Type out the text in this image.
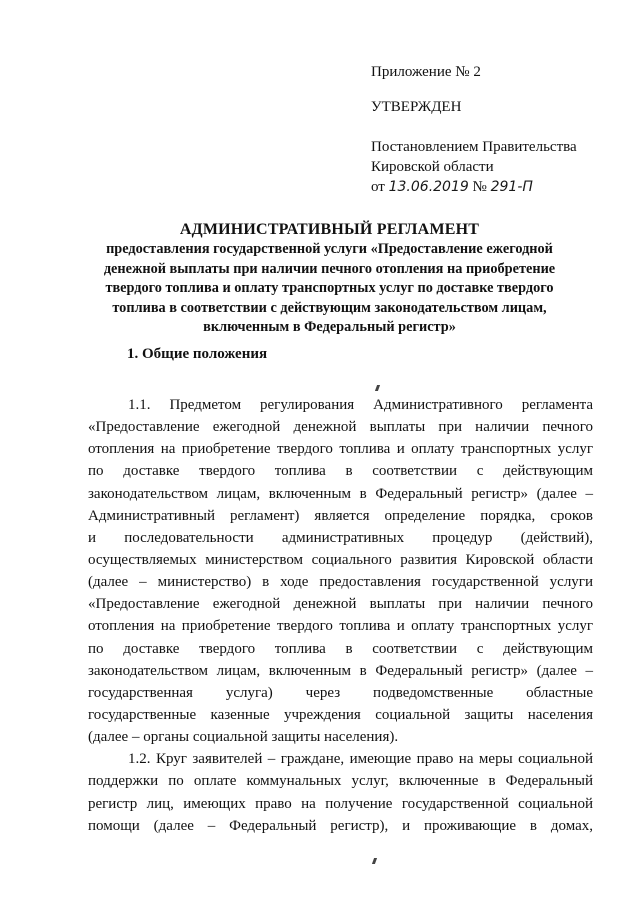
Приложение № 2
УТВЕРЖДЕН
Постановлением Правительства
Кировской области
от 13.06.2019 № 291-П
АДМИНИСТРАТИВНЫЙ РЕГЛАМЕНТ
предоставления государственной услуги «Предоставление ежегодной
денежной выплаты при наличии печного отопления на приобретение
твердого топлива и оплату транспортных услуг по доставке твердого
топлива в соответствии с действующим законодательством лицам,
включенным в Федеральный регистр»
1. Общие положения
1.1. Предметом регулирования Административного регламента
«Предоставление ежегодной денежной выплаты при наличии печного
отопления на приобретение твердого топлива и оплату транспортных услуг
по доставке твердого топлива в соответствии с действующим
законодательством лицам, включенным в Федеральный регистр» (далее –
Административный регламент) является определение порядка, сроков
и последовательности административных процедур (действий),
осуществляемых министерством социального развития Кировской области
(далее – министерство) в ходе предоставления государственной услуги
«Предоставление ежегодной денежной выплаты при наличии печного
отопления на приобретение твердого топлива и оплату транспортных услуг
по доставке твердого топлива в соответствии с действующим
законодательством лицам, включенным в Федеральный регистр» (далее –
государственная услуга) через подведомственные областные
государственные казенные учреждения социальной защиты населения
(далее – органы социальной защиты населения).
1.2. Круг заявителей – граждане, имеющие право на меры социальной
поддержки по оплате коммунальных услуг, включенные в Федеральный
регистр лиц, имеющих право на получение государственной социальной
помощи (далее – Федеральный регистр), и проживающие в домах,
